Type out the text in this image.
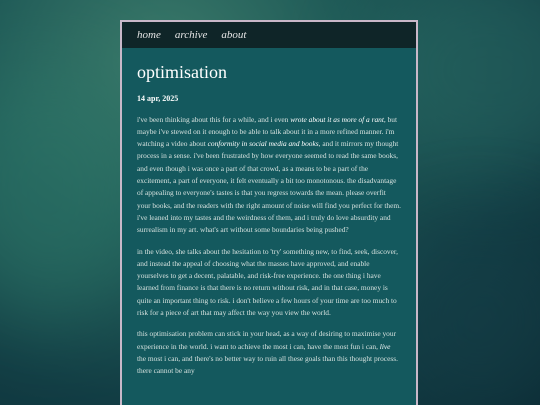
home archive about
optimisation
14 apr, 2025

i've been thinking about this for a while, and i even wrote about it as more of a rant, but maybe i've stewed on it enough to be able to talk about it in a more refined manner. i'm watching a video about conformity in social media and books, and it mirrors my thought process in a sense. i've been frustrated by how everyone seemed to read the same books, and even though i was once a part of that crowd, as a means to be a part of the excitement, a part of everyone, it felt eventually a bit too monotonous. the disadvantage of appealing to everyone's tastes is that you regress towards the mean. please overfit your books, and the readers with the right amount of noise will find you perfect for them. i've leaned into my tastes and the weirdness of them, and i truly do love absurdity and surrealism in my art. what's art without some boundaries being pushed?

in the video, she talks about the hesitation to 'try' something new, to find, seek, discover, and instead the appeal of choosing what the masses have approved, and enable yourselves to get a decent, palatable, and risk-free experience. the one thing i have learned from finance is that there is no return without risk, and in that case, money is quite an important thing to risk. i don't believe a few hours of your time are too much to risk for a piece of art that may affect the way you view the world.

this optimisation problem can stick in your head, as a way of desiring to maximise your experience in the world. i want to achieve the most i can, have the most fun i can, live the most i can, and there's no better way to ruin all these goals than this thought process. there cannot be any
